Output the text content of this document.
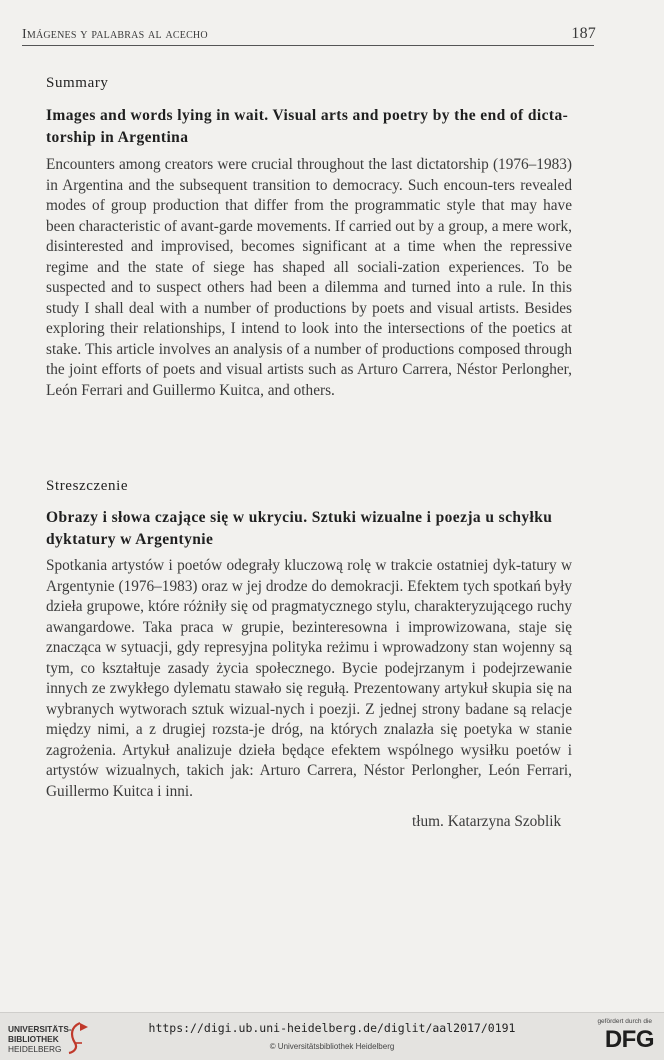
Imágenes y palabras al acecho	187
Summary
Images and words lying in wait. Visual arts and poetry by the end of dicta-torship in Argentina
Encounters among creators were crucial throughout the last dictatorship (1976–1983) in Argentina and the subsequent transition to democracy. Such encoun-ters revealed modes of group production that differ from the programmatic style that may have been characteristic of avant-garde movements. If carried out by a group, a mere work, disinterested and improvised, becomes significant at a time when the repressive regime and the state of siege has shaped all sociali-zation experiences. To be suspected and to suspect others had been a dilemma and turned into a rule. In this study I shall deal with a number of productions by poets and visual artists. Besides exploring their relationships, I intend to look into the intersections of the poetics at stake. This article involves an analysis of a number of productions composed through the joint efforts of poets and visual artists such as Arturo Carrera, Néstor Perlongher, León Ferrari and Guillermo Kuitca, and others.
Streszczenie
Obrazy i słowa czające się w ukryciu. Sztuki wizualne i poezja u schyłku dyktatury w Argentynie
Spotkania artystów i poetów odegrały kluczową rolę w trakcie ostatniej dyk-tatury w Argentynie (1976–1983) oraz w jej drodze do demokracji. Efektem tych spotkań były dzieła grupowe, które różniły się od pragmatycznego stylu, charakteryzującego ruchy awangardowe. Taka praca w grupie, bezinteresowna i improwizowana, staje się znacząca w sytuacji, gdy represyjna polityka reżimu i wprowadzony stan wojenny są tym, co kształtuje zasady życia społecznego. Bycie podejrzanym i podejrzewanie innych ze zwykłego dylematu stawało się regułą. Prezentowany artykuł skupia się na wybranych wytworach sztuk wizual-nych i poezji. Z jednej strony badane są relacje między nimi, a z drugiej rozsta-je dróg, na których znalazła się poetyka w stanie zagrożenia. Artykuł analizuje dzieła będące efektem wspólnego wysiłku poetów i artystów wizualnych, takich jak: Arturo Carrera, Néstor Perlongher, León Ferrari, Guillermo Kuitca i inni.
tłum. Katarzyna Szoblik
UNIVERSITÄTS-
BIBLIOTHEK
HEIDELBERG
https://digi.ub.uni-heidelberg.de/diglit/aal2017/0191
© Universitätsbibliothek Heidelberg
gefördert durch die
DFG
